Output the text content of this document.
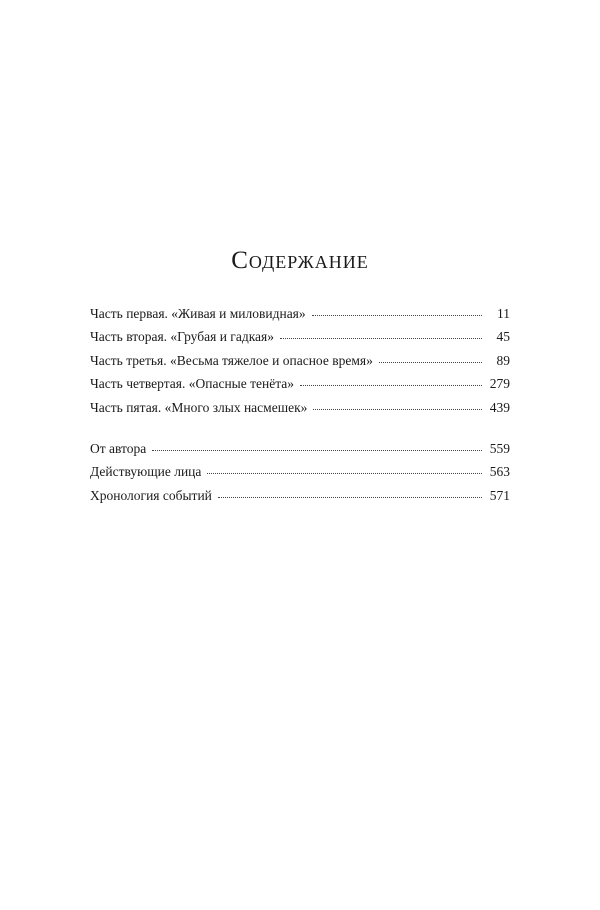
Содержание
Часть первая. «Живая и миловидная»	11
Часть вторая. «Грубая и гадкая»	45
Часть третья. «Весьма тяжелое и опасное время»	89
Часть четвертая. «Опасные тенёта»	279
Часть пятая. «Много злых насмешек»	439
От автора	559
Действующие лица	563
Хронология событий	571
